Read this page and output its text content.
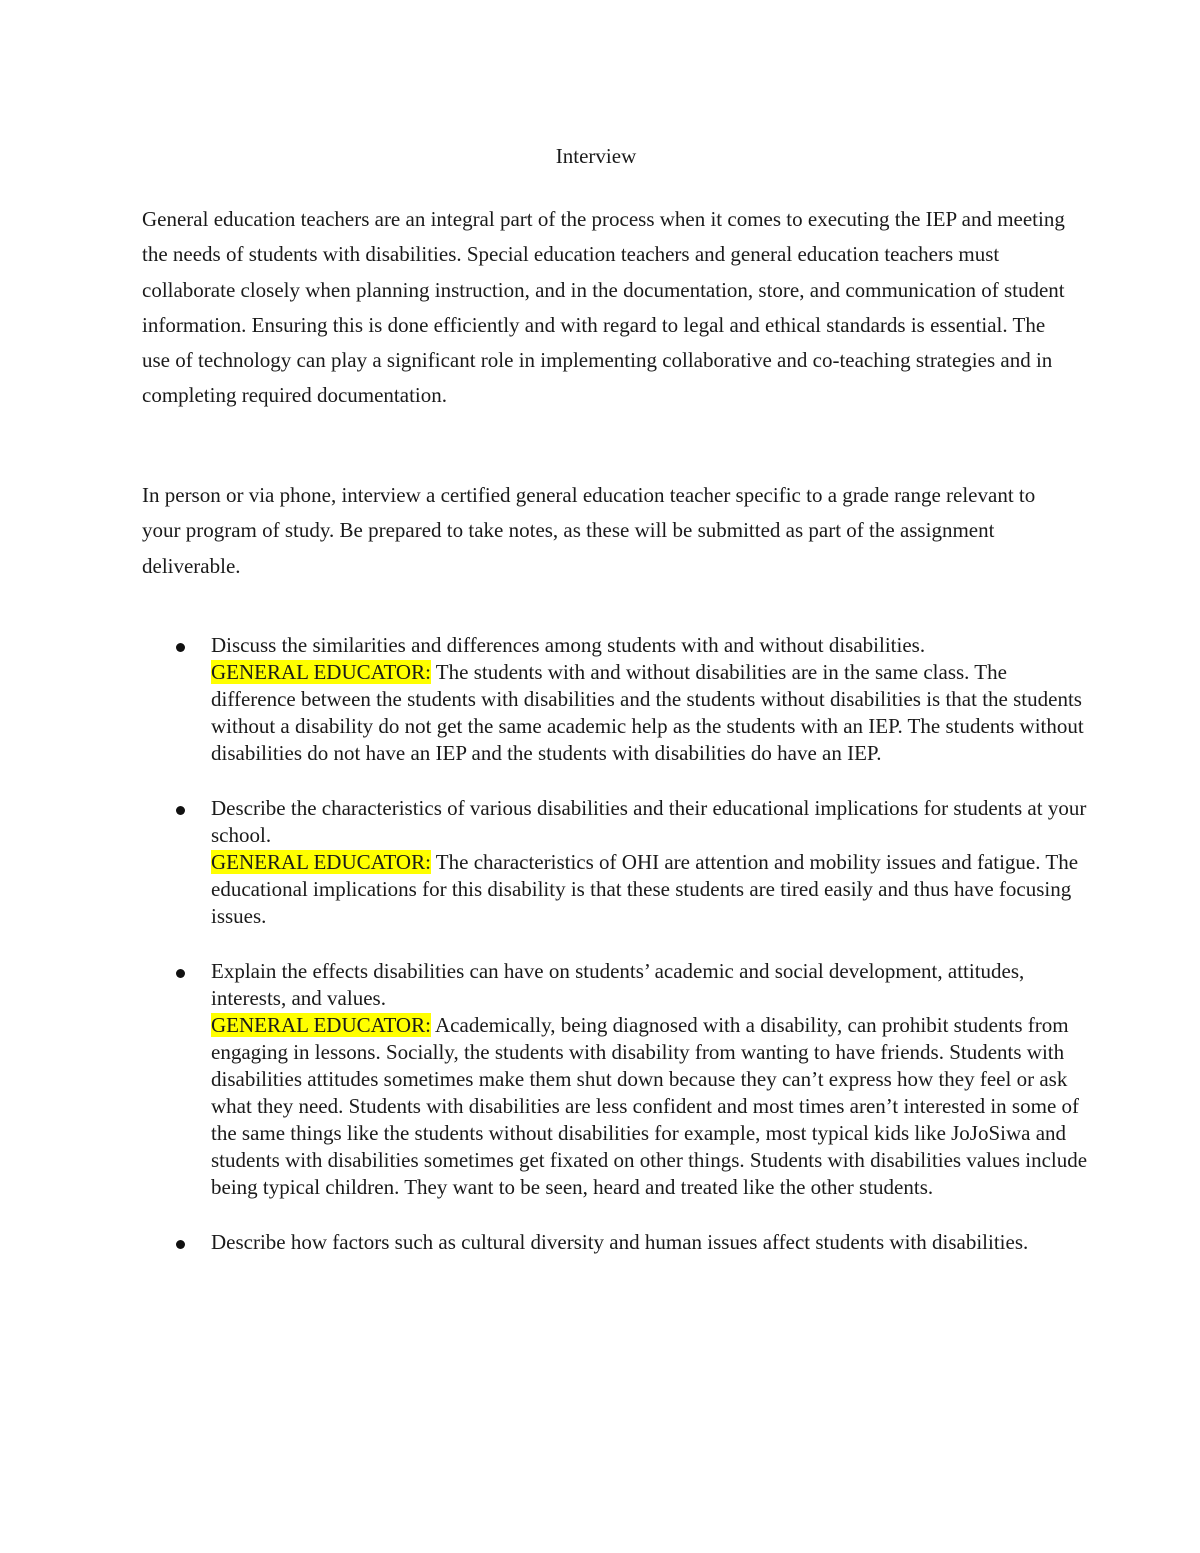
Interview

General education teachers are an integral part of the process when it comes to executing the IEP and meeting the needs of students with disabilities. Special education teachers and general education teachers must collaborate closely when planning instruction, and in the documentation, store, and communication of student information. Ensuring this is done efficiently and with regard to legal and ethical standards is essential. The use of technology can play a significant role in implementing collaborative and co-teaching strategies and in completing required documentation.

In person or via phone, interview a certified general education teacher specific to a grade range relevant to your program of study. Be prepared to take notes, as these will be submitted as part of the assignment deliverable.

Discuss the similarities and differences among students with and without disabilities.
GENERAL EDUCATOR: The students with and without disabilities are in the same class. The difference between the students with disabilities and the students without disabilities is that the students without a disability do not get the same academic help as the students with an IEP. The students without disabilities do not have an IEP and the students with disabilities do have an IEP.
Describe the characteristics of various disabilities and their educational implications for students at your school.
GENERAL EDUCATOR: The characteristics of OHI are attention and mobility issues and fatigue. The educational implications for this disability is that these students are tired easily and thus have focusing issues.
Explain the effects disabilities can have on students’ academic and social development, attitudes, interests, and values.
GENERAL EDUCATOR: Academically, being diagnosed with a disability, can prohibit students from engaging in lessons. Socially, the students with disability from wanting to have friends. Students with disabilities attitudes sometimes make them shut down because they can’t express how they feel or ask what they need. Students with disabilities are less confident and most times aren’t interested in some of the same things like the students without disabilities for example, most typical kids like JoJoSiwa and students with disabilities sometimes get fixated on other things. Students with disabilities values include being typical children. They want to be seen, heard and treated like the other students.
Describe how factors such as cultural diversity and human issues affect students with disabilities.
